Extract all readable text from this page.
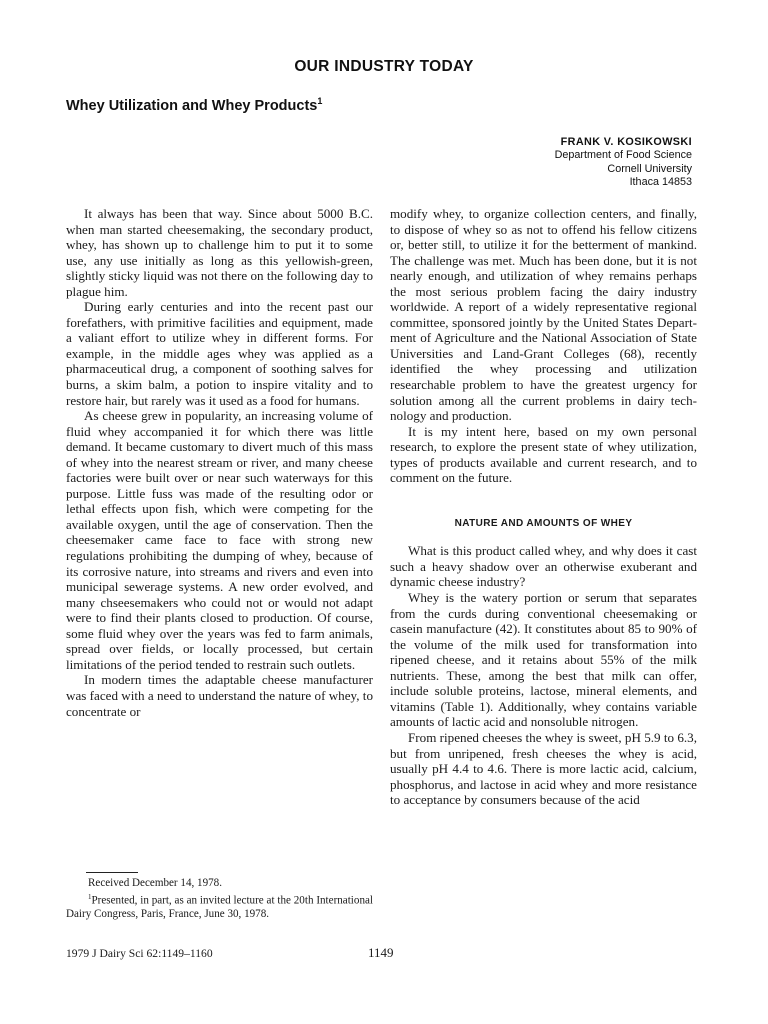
OUR INDUSTRY TODAY
Whey Utilization and Whey Products$^1$
FRANK V. KOSIKOWSKI
Department of Food Science
Cornell University
Ithaca 14853

It always has been that way. Since about 5000 B.C. when man started cheesemaking, the secondary product, whey, has shown up to challenge him to put it to some use, any use initially as long as this yellowish-green, slightly sticky liquid was not there on the following day to plague him.

During early centuries and into the recent past our forefathers, with primitive facilities and equipment, made a valiant effort to utilize whey in different forms. For example, in the middle ages whey was applied as a pharmaceutical drug, a component of soothing salves for burns, a skim balm, a potion to inspire vitality and to restore hair, but rarely was it used as a food for humans.

As cheese grew in popularity, an increasing volume of fluid whey accompanied it for which there was little demand. It became customary to divert much of this mass of whey into the nearest stream or river, and many cheese factories were built over or near such waterways for this purpose. Little fuss was made of the resulting odor or lethal effects upon fish, which were competing for the available oxygen, until the age of conservation. Then the cheesemaker came face to face with strong new regulations prohibiting the dumping of whey, because of its corrosive nature, into streams and rivers and even into municipal sewerage systems. A new order evolved, and many chseesemakers who could not or would not adapt were to find their plants closed to production. Of course, some fluid whey over the years was fed to farm animals, spread over fields, or locally processed, but certain limitations of the period tended to restrain such outlets.

In modern times the adaptable cheese manufacturer was faced with a need to understand the nature of whey, to concentrate or

modify whey, to organize collection centers, and finally, to dispose of whey so as not to offend his fellow citizens or, better still, to utilize it for the betterment of mankind. The challenge was met. Much has been done, but it is not nearly enough, and utilization of whey remains perhaps the most serious problem facing the dairy industry worldwide. A report of a widely representative regional committee, sponsored jointly by the United States Department of Agriculture and the National Association of State Universities and Land-Grant Colleges (68), recently identified the whey processing and utilization researchable problem to have the greatest urgency for solution among all the current problems in dairy technology and production.

It is my intent here, based on my own personal research, to explore the present state of whey utilization, types of products available and current research, and to comment on the future.

NATURE AND AMOUNTS OF WHEY

What is this product called whey, and why does it cast such a heavy shadow over an otherwise exuberant and dynamic cheese industry?

Whey is the watery portion or serum that separates from the curds during conventional cheesemaking or casein manufacture (42). It constitutes about 85 to 90% of the volume of the milk used for transformation into ripened cheese, and it retains about 55% of the milk nutrients. These, among the best that milk can offer, include soluble proteins, lactose, mineral elements, and vitamins (Table 1). Additionally, whey contains variable amounts of lactic acid and nonsoluble nitrogen.

From ripened cheeses the whey is sweet, pH 5.9 to 6.3, but from unripened, fresh cheeses the whey is acid, usually pH 4.4 to 4.6. There is more lactic acid, calcium, phosphorus, and lactose in acid whey and more resistance to acceptance by consumers because of the acid

Received December 14, 1978.

$^1$Presented, in part, as an invited lecture at the 20th International Dairy Congress, Paris, France, June 30, 1978.

1979 J Dairy Sci 62:1149–1160	1149
